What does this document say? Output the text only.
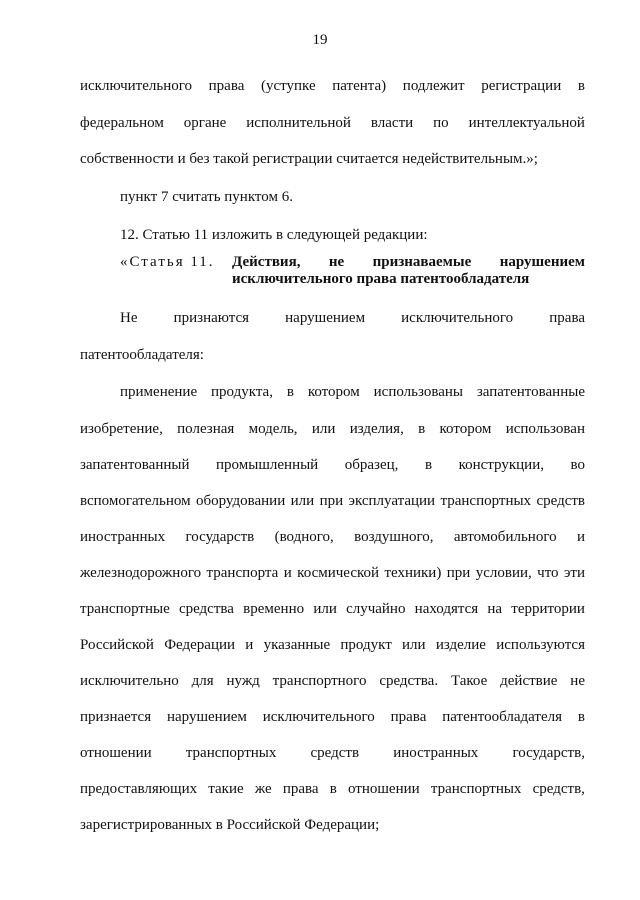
19
исключительного права (уступке патента) подлежит регистрации в
федеральном органе исполнительной власти по интеллектуальной
собственности и без такой регистрации считается недействительным.»;
пункт 7 считать пунктом 6.
12. Статью 11 изложить в следующей редакции:
Не признаются нарушением исключительного права
патентообладателя:
применение продукта, в котором использованы запатентованные
изобретение, полезная модель, или изделия, в котором использован
запатентованный промышленный образец, в конструкции, во
вспомогательном оборудовании или при эксплуатации транспортных средств
иностранных государств (водного, воздушного, автомобильного и
железнодорожного транспорта и космической техники) при условии, что эти
транспортные средства временно или случайно находятся на территории
Российской Федерации и указанные продукт или изделие используются
исключительно для нужд транспортного средства. Такое действие не
признается нарушением исключительного права патентообладателя в
отношении транспортных средств иностранных государств,
предоставляющих такие же права в отношении транспортных средств,
зарегистрированных в Российской Федерации;
«Статья 11.	Действия, не признаваемые нарушением
исключительного права патентообладателя
